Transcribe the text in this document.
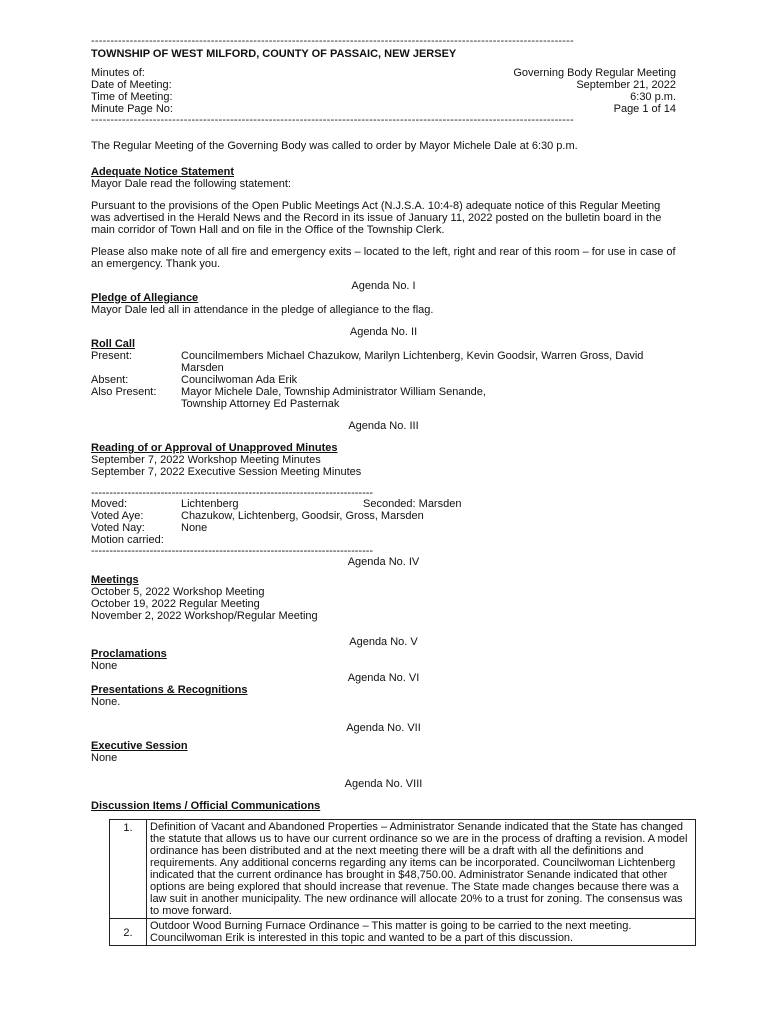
-----------------------------------------------------------------------------------------------------------------------------
TOWNSHIP OF WEST MILFORD, COUNTY OF PASSAIC, NEW JERSEY
Minutes of:	Governing Body Regular Meeting
Date of Meeting:	September 21, 2022
Time of Meeting:	6:30 p.m.
Minute Page No:	Page 1 of 14
-----------------------------------------------------------------------------------------------------------------------------

The Regular Meeting of the Governing Body was called to order by Mayor Michele Dale at 6:30 p.m.

Adequate Notice Statement

Mayor Dale read the following statement:

Pursuant to the provisions of the Open Public Meetings Act (N.J.S.A. 10:4-8) adequate notice of this Regular Meeting was advertised in the Herald News and the Record in its issue of January 11, 2022 posted on the bulletin board in the main corridor of Town Hall and on file in the Office of the Township Clerk.

Please also make note of all fire and emergency exits – located to the left, right and rear of this room – for use in case of an emergency. Thank you.

Agenda No. I
Pledge of Allegiance

Mayor Dale led all in attendance in the pledge of allegiance to the flag.

Agenda No. II
Roll Call
Present:	Councilmembers Michael Chazukow, Marilyn Lichtenberg, Kevin Goodsir, Warren Gross, David Marsden
Absent:	Councilwoman Ada Erik
Also Present:	Mayor Michele Dale, Township Administrator William Senande,
Township Attorney Ed Pasternak
Agenda No. III
Reading of or Approval of Unapproved Minutes

September 7, 2022 Workshop Meeting Minutes

September 7, 2022 Executive Session Meeting Minutes

-----------------------------------------------------------------------------
Moved:	Lichtenberg	Seconded: Marsden
Voted Aye:	Chazukow, Lichtenberg, Goodsir, Gross, Marsden
Voted Nay:	None

Motion carried:

-----------------------------------------------------------------------------
Agenda No. IV
Meetings

October 5, 2022 Workshop Meeting

October 19, 2022 Regular Meeting

November 2, 2022 Workshop/Regular Meeting

Agenda No. V
Proclamations

None

Agenda No. VI
Presentations & Recognitions

None.

Agenda No. VII
Executive Session

None

Agenda No. VIII
Discussion Items / Official Communications
1.	Definition of Vacant and Abandoned Properties – Administrator Senande indicated that the State has changed the statute that allows us to have our current ordinance so we are in the process of drafting a revision. A model ordinance has been distributed and at the next meeting there will be a draft with all the definitions and requirements. Any additional concerns regarding any items can be incorporated. Councilwoman Lichtenberg indicated that the current ordinance has brought in $48,750.00. Administrator Senande indicated that other options are being explored that should increase that revenue. The State made changes because there was a law suit in another municipality. The new ordinance will allocate 20% to a trust for zoning. The consensus was to move forward.
2.	Outdoor Wood Burning Furnace Ordinance – This matter is going to be carried to the next meeting. Councilwoman Erik is interested in this topic and wanted to be a part of this discussion.
